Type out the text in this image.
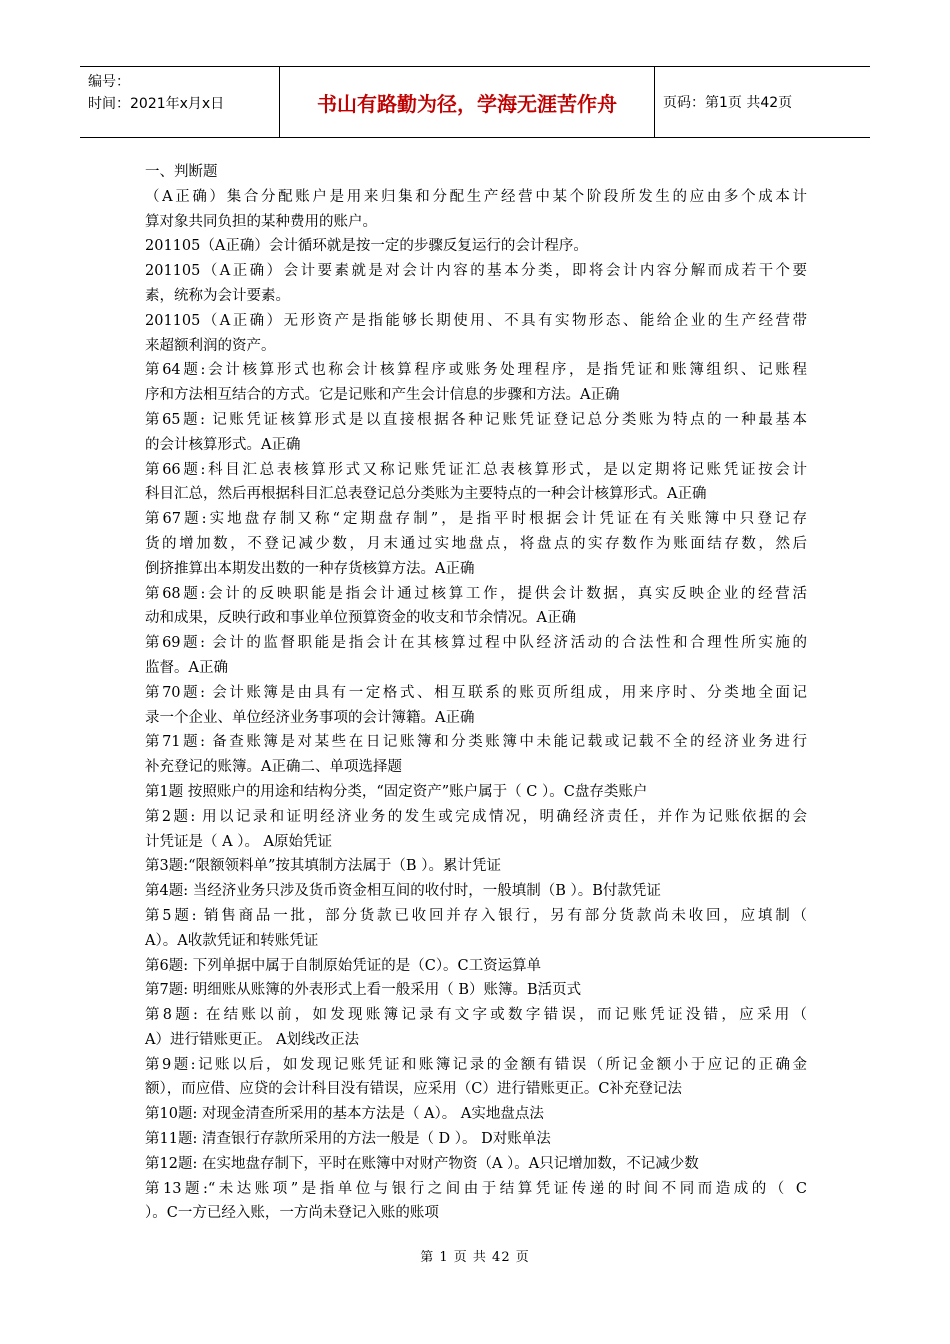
编号：
时间：2021年x月x日	书山有路勤为径，学海无涯苦作舟	页码：第1页 共42页
一、判断题
（A正确）集合分配账户是用来归集和分配生产经营中某个阶段所发生的应由多个成本计
算对象共同负担的某种费用的账户。
201105（A正确）会计循环就是按一定的步骤反复运行的会计程序。
201105（A正确）会计要素就是对会计内容的基本分类，即将会计内容分解而成若干个要
素，统称为会计要素。
201105（A正确）无形资产是指能够长期使用、不具有实物形态、能给企业的生产经营带
来超额利润的资产。
第64题:会计核算形式也称会计核算程序或账务处理程序，是指凭证和账簿组织、记账程
序和方法相互结合的方式。它是记账和产生会计信息的步骤和方法。A正确
第65题: 记账凭证核算形式是以直接根据各种记账凭证登记总分类账为特点的一种最基本
的会计核算形式。A正确
第66题:科目汇总表核算形式又称记账凭证汇总表核算形式，是以定期将记账凭证按会计
科目汇总，然后再根据科目汇总表登记总分类账为主要特点的一种会计核算形式。A正确
第67题:实地盘存制又称“定期盘存制”，是指平时根据会计凭证在有关账簿中只登记存
货的增加数，不登记减少数，月末通过实地盘点，将盘点的实存数作为账面结存数，然后
倒挤推算出本期发出数的一种存货核算方法。A正确
第68题:会计的反映职能是指会计通过核算工作，提供会计数据，真实反映企业的经营活
动和成果，反映行政和事业单位预算资金的收支和节余情况。A正确
第69题: 会计的监督职能是指会计在其核算过程中队经济活动的合法性和合理性所实施的
监督。A正确
第70题: 会计账簿是由具有一定格式、相互联系的账页所组成，用来序时、分类地全面记
录一个企业、单位经济业务事项的会计簿籍。A正确
第71题: 备查账簿是对某些在日记账簿和分类账簿中未能记载或记载不全的经济业务进行
补充登记的账簿。A正确二、单项选择题
第1题 按照账户的用途和结构分类，“固定资产”账户属于（ C ）。C盘存类账户
第2题: 用以记录和证明经济业务的发生或完成情况，明确经济责任，并作为记账依据的会
计凭证是（ A ）。 A原始凭证
第3题:“限额领料单”按其填制方法属于（B ）。累计凭证
第4题: 当经济业务只涉及货币资金相互间的收付时，一般填制（B ）。B付款凭证
第5题: 销售商品一批，部分货款已收回并存入银行，另有部分货款尚未收回，应填制（
A）。A收款凭证和转账凭证
第6题: 下列单据中属于自制原始凭证的是（C）。C工资运算单
第7题: 明细账从账簿的外表形式上看一般采用（ B）账簿。B活页式
第8题: 在结账以前，如发现账簿记录有文字或数字错误，而记账凭证没错，应采用（
A）进行错账更正。 A划线改正法
第9题:记账以后，如发现记账凭证和账簿记录的金额有错误（所记金额小于应记的正确金
额），而应借、应贷的会计科目没有错误，应采用（C）进行错账更正。C补充登记法
第10题: 对现金清查所采用的基本方法是（ A）。 A实地盘点法
第11题: 清查银行存款所采用的方法一般是（ D ）。 D对账单法
第12题: 在实地盘存制下，平时在账簿中对财产物资（A ）。A只记增加数，不记减少数
第13题:“未达账项”是指单位与银行之间由于结算凭证传递的时间不同而造成的（ C
）。C一方已经入账，一方尚未登记入账的账项
第 1 页 共 42 页
